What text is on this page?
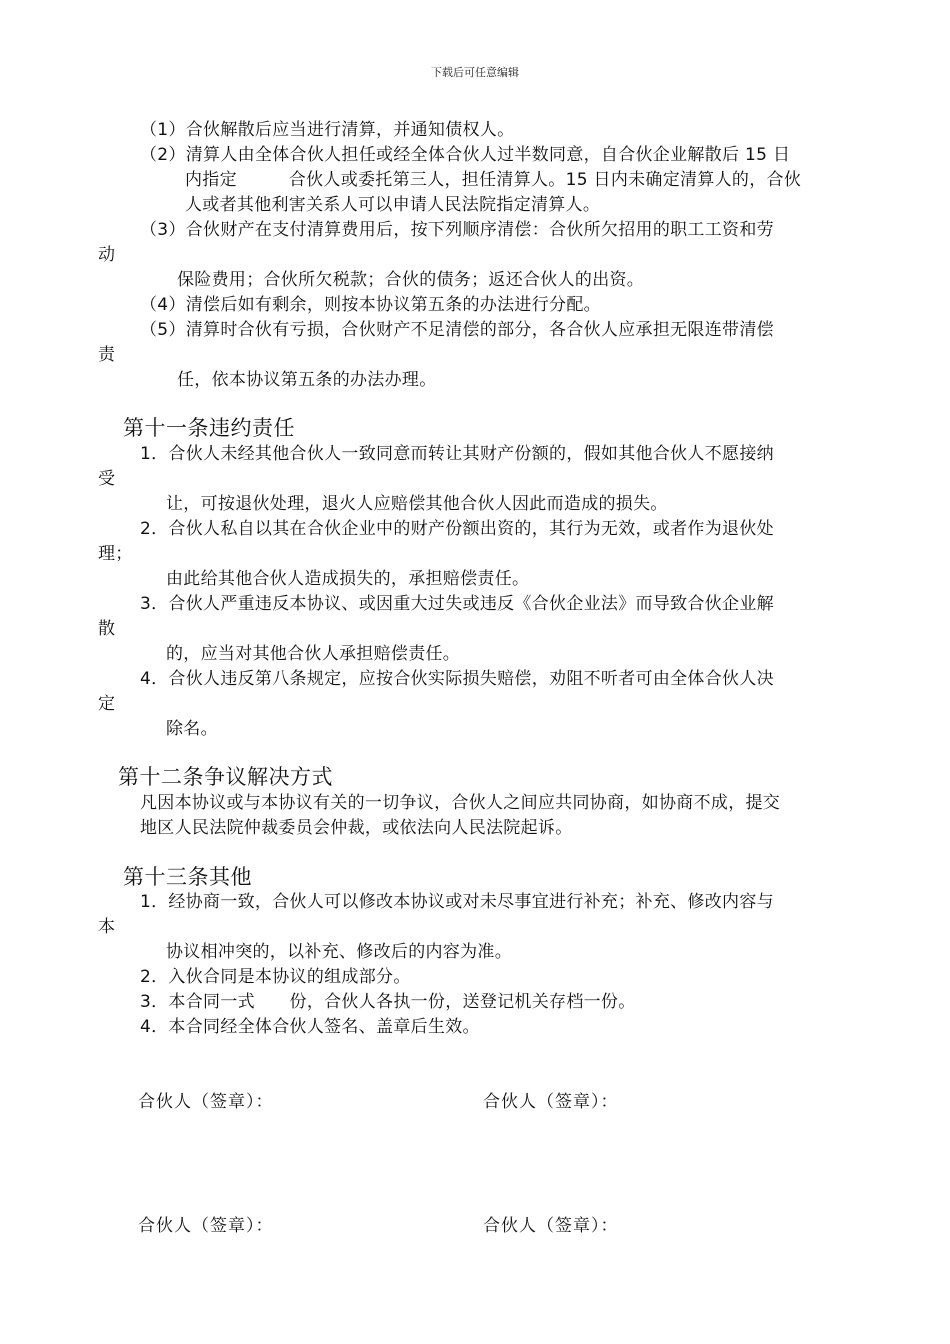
下载后可任意编辑
（1）合伙解散后应当进行清算，并通知债权人。
（2）清算人由全体合伙人担任或经全体合伙人过半数同意，自合伙企业解散后 15 日
内指定　　　合伙人或委托第三人，担任清算人。15 日内未确定清算人的，合伙
人或者其他利害关系人可以申请人民法院指定清算人。
（3）合伙财产在支付清算费用后，按下列顺序清偿：合伙所欠招用的职工工资和劳
动
保险费用；合伙所欠税款；合伙的债务；返还合伙人的出资。
（4）清偿后如有剩余，则按本协议第五条的办法进行分配。
（5）清算时合伙有亏损，合伙财产不足清偿的部分，各合伙人应承担无限连带清偿
责
任，依本协议第五条的办法办理。
第十一条违约责任
1．合伙人未经其他合伙人一致同意而转让其财产份额的，假如其他合伙人不愿接纳
受
让，可按退伙处理，退火人应赔偿其他合伙人因此而造成的损失。
2．合伙人私自以其在合伙企业中的财产份额出资的，其行为无效，或者作为退伙处
理；
由此给其他合伙人造成损失的，承担赔偿责任。
3．合伙人严重违反本协议、或因重大过失或违反《合伙企业法》而导致合伙企业解
散
的，应当对其他合伙人承担赔偿责任。
4．合伙人违反第八条规定，应按合伙实际损失赔偿，劝阻不听者可由全体合伙人决
定
除名。
第十二条争议解决方式
凡因本协议或与本协议有关的一切争议，合伙人之间应共同协商，如协商不成，提交
地区人民法院仲裁委员会仲裁，或依法向人民法院起诉。
第十三条其他
1．经协商一致，合伙人可以修改本协议或对未尽事宜进行补充；补充、修改内容与
本
协议相冲突的，以补充、修改后的内容为准。
2．入伙合同是本协议的组成部分。
3．本合同一式　　份，合伙人各执一份，送登记机关存档一份。
4．本合同经全体合伙人签名、盖章后生效。
合伙人（签章）：	合伙人（签章）：
合伙人（签章）：	合伙人（签章）：
